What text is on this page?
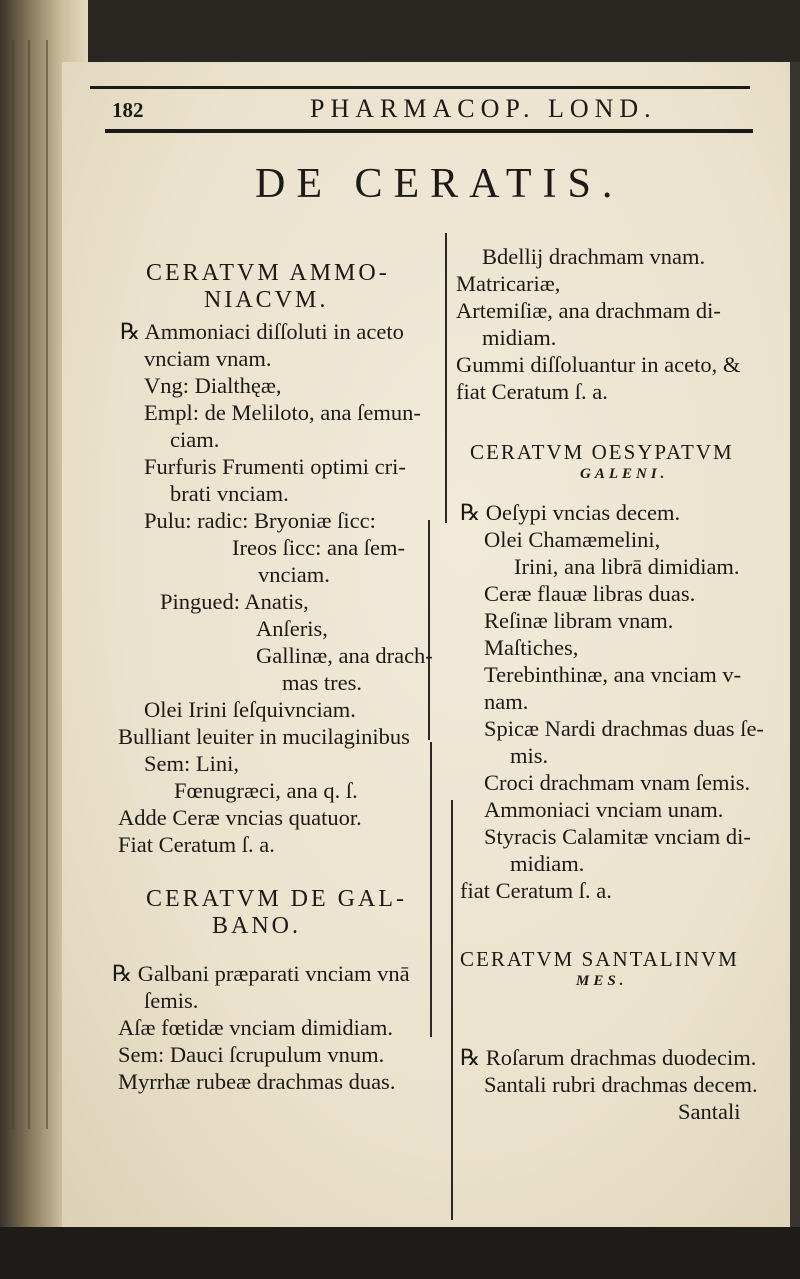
182	PHARMACOP. LOND.
DE CERATIS.
CERATVM AMMO-
NIACVM.
℞ Ammoniaci diſſoluti in aceto
vnciam vnam.
Vng: Dialthęæ,
Empl: de Meliloto, ana ſemun-
ciam.
Furfuris Frumenti optimi cri-
brati vnciam.
Pulu: radic: Bryoniæ ſicc:
Ireos ſicc: ana ſem-
vnciam.
Pingued: Anatis,
Anſeris,
Gallinæ, ana drach-
mas tres.
Olei Irini ſeſquivnciam.
Bulliant leuiter in mucilaginibus
Sem: Lini,
Fœnugræci, ana q. ſ.
Adde Ceræ vncias quatuor.
Fiat Ceratum ſ. a.
CERATVM DE GAL-
BANO.
℞ Galbani præparati vnciam vnā
ſemis.
Aſæ fœtidæ vnciam dimidiam.
Sem: Dauci ſcrupulum vnum.
Myrrhæ rubeæ drachmas duas.
Bdellij drachmam vnam.
Matricariæ,
Artemiſiæ, ana drachmam di-
midiam.
Gummi diſſoluantur in aceto, &
fiat Ceratum ſ. a.
CERATVM OESYPATVM
GALENI.
℞ Oeſypi vncias decem.
Olei Chamæmelini,
Irini, ana librā dimidiam.
Ceræ flauæ libras duas.
Reſinæ libram vnam.
Maſtiches,
Terebinthinæ, ana vnciam v-
nam.
Spicæ Nardi drachmas duas ſe-
mis.
Croci drachmam vnam ſemis.
Ammoniaci vnciam unam.
Styracis Calamitæ vnciam di-
midiam.
fiat Ceratum ſ. a.
CERATVM SANTALINVM
MES.
℞ Roſarum drachmas duodecim.
Santali rubri drachmas decem.
Santali
